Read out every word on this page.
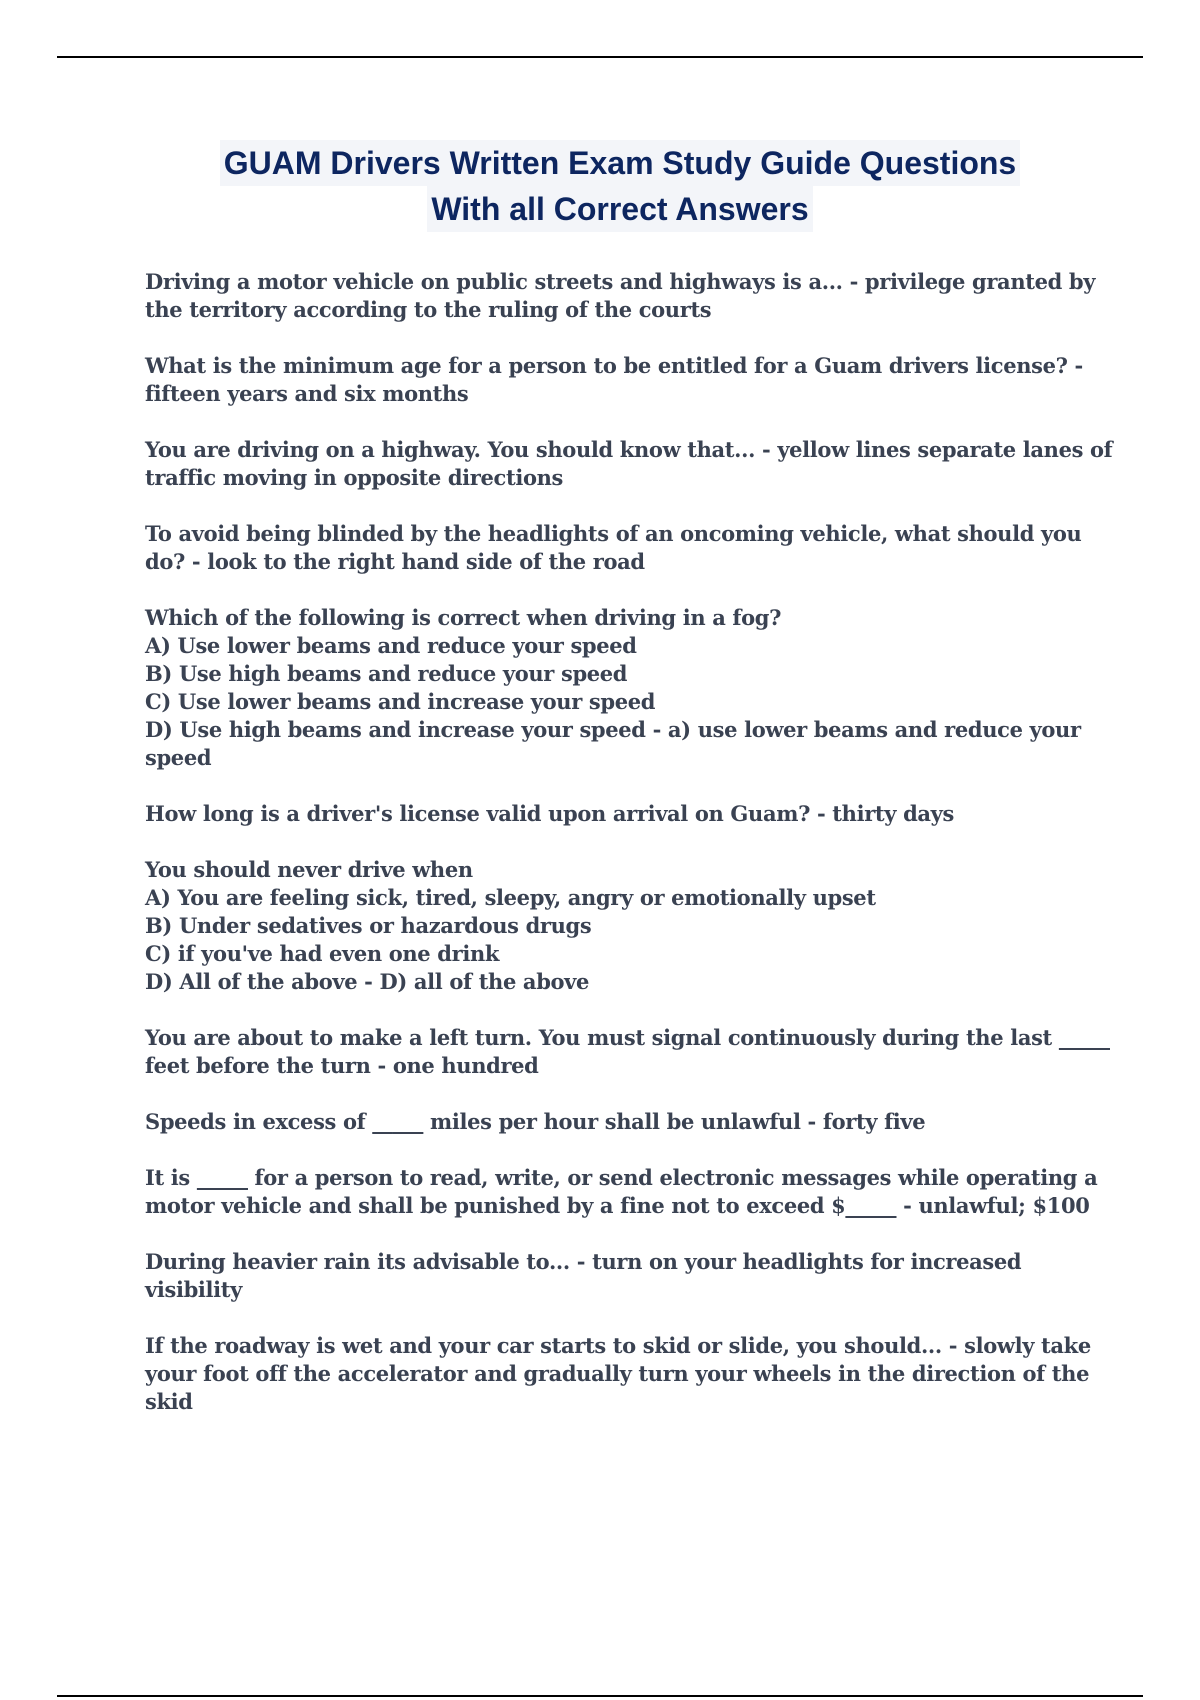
GUAM Drivers Written Exam Study Guide Questions
With all Correct Answers
Driving a motor vehicle on public streets and highways is a... - privilege granted by
the territory according to the ruling of the courts
What is the minimum age for a person to be entitled for a Guam drivers license? -
fifteen years and six months
You are driving on a highway. You should know that... - yellow lines separate lanes of
traffic moving in opposite directions
To avoid being blinded by the headlights of an oncoming vehicle, what should you
do? - look to the right hand side of the road
Which of the following is correct when driving in a fog?
A) Use lower beams and reduce your speed
B) Use high beams and reduce your speed
C) Use lower beams and increase your speed
D) Use high beams and increase your speed - a) use lower beams and reduce your
speed
How long is a driver's license valid upon arrival on Guam? - thirty days
You should never drive when
A) You are feeling sick, tired, sleepy, angry or emotionally upset
B) Under sedatives or hazardous drugs
C) if you've had even one drink
D) All of the above - D) all of the above
You are about to make a left turn. You must signal continuously during the last _____
feet before the turn - one hundred
Speeds in excess of _____ miles per hour shall be unlawful - forty five
It is _____ for a person to read, write, or send electronic messages while operating a
motor vehicle and shall be punished by a fine not to exceed $_____ - unlawful; $100
During heavier rain its advisable to... - turn on your headlights for increased
visibility
If the roadway is wet and your car starts to skid or slide, you should... - slowly take
your foot off the accelerator and gradually turn your wheels in the direction of the
skid
